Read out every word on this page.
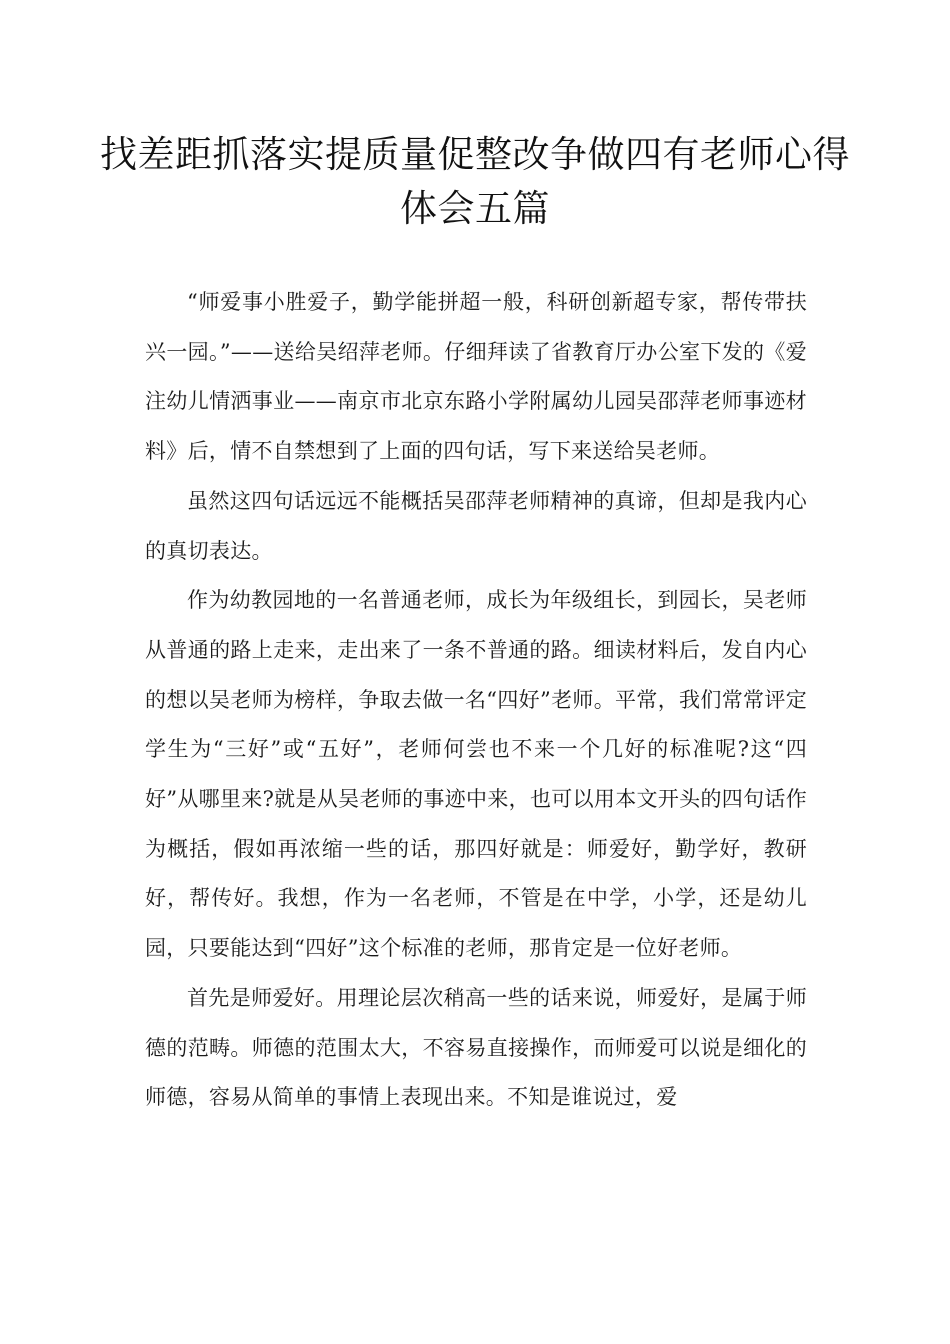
找差距抓落实提质量促整改争做四有老师心得体会五篇

“师爱事小胜爱子，勤学能拼超一般，科研创新超专家，帮传带扶兴一园。”——送给吴绍萍老师。仔细拜读了省教育厅办公室下发的《爱注幼儿情洒事业——南京市北京东路小学附属幼儿园吴邵萍老师事迹材料》后，情不自禁想到了上面的四句话，写下来送给吴老师。

虽然这四句话远远不能概括吴邵萍老师精神的真谛，但却是我内心的真切表达。

作为幼教园地的一名普通老师，成长为年级组长，到园长，吴老师从普通的路上走来，走出来了一条不普通的路。细读材料后，发自内心的想以吴老师为榜样，争取去做一名“四好”老师。平常，我们常常评定学生为“三好”或“五好”，老师何尝也不来一个几好的标准呢?这“四好”从哪里来?就是从吴老师的事迹中来，也可以用本文开头的四句话作为概括，假如再浓缩一些的话，那四好就是：师爱好，勤学好，教研好，帮传好。我想，作为一名老师，不管是在中学，小学，还是幼儿园，只要能达到“四好”这个标准的老师，那肯定是一位好老师。

首先是师爱好。用理论层次稍高一些的话来说，师爱好，是属于师德的范畴。师德的范围太大，不容易直接操作，而师爱可以说是细化的师德，容易从简单的事情上表现出来。不知是谁说过，爱
